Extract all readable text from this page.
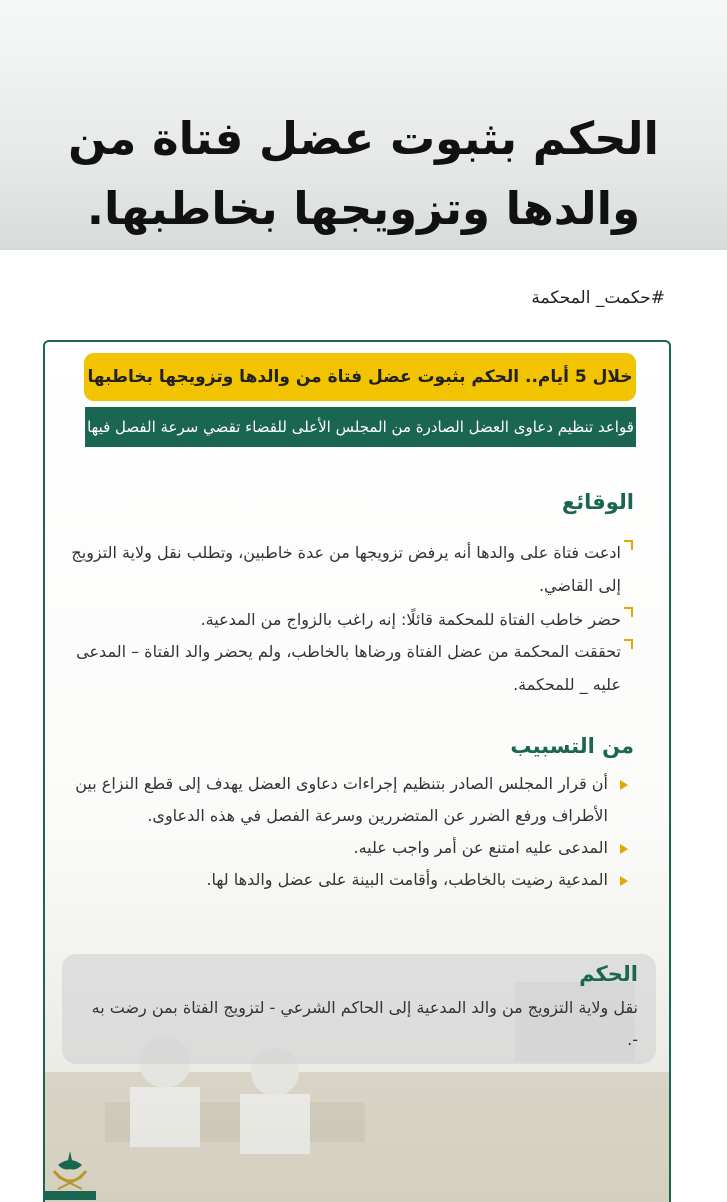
الحكم بثبوت عضل فتاة من والدها وتزويجها بخاطبها.
#حكمت_ المحكمة
خلال 5 أيام.. الحكم بثبوت عضل فتاة من والدها وتزويجها بخاطبها
قواعد تنظيم دعاوى العضل الصادرة من المجلس الأعلى للقضاء تقضي سرعة الفصل فيها
الوقائع
ادعت فتاة على والدها أنه يرفض تزويجها من عدة خاطبين، وتطلب نقل ولاية التزويج إلى القاضي.
حضر خاطب الفتاة للمحكمة قائلًا: إنه راغب بالزواج من المدعية.
تحققت المحكمة من عضل الفتاة ورضاها بالخاطب، ولم يحضر والد الفتاة – المدعى عليه _ للمحكمة.
من التسبيب
أن قرار المجلس الصادر بتنظيم إجراءات دعاوى العضل يهدف إلى قطع النزاع بين الأطراف ورفع الضرر عن المتضررين وسرعة الفصل في هذه الدعاوى.
المدعى عليه امتنع عن أمر واجب عليه.
المدعية رضيت بالخاطب، وأقامت البينة على عضل والدها لها.
الحكم

نقل ولاية التزويج من والد المدعية إلى الحاكم الشرعي - لتزويج الفتاة بمن رضت به -.
